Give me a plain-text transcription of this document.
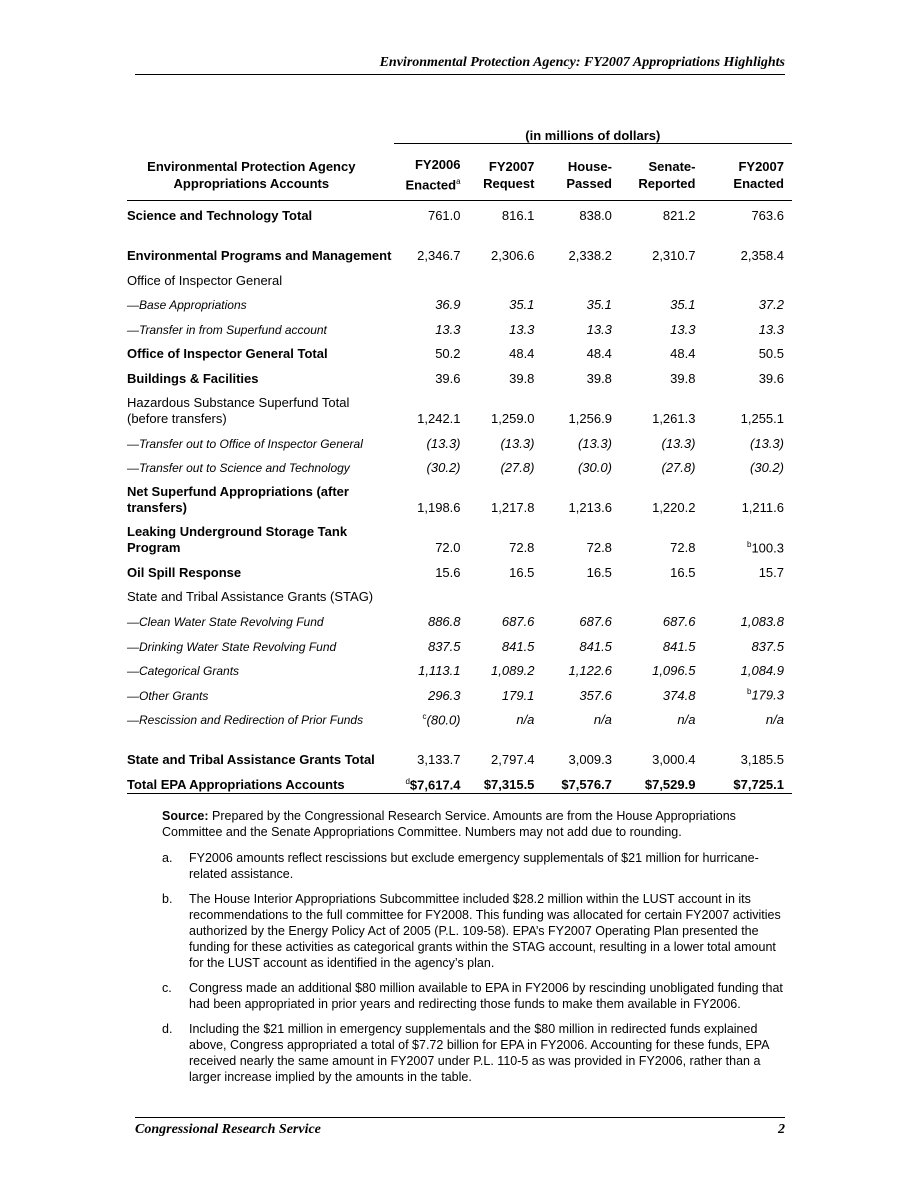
Environmental Protection Agency: FY2007 Appropriations Highlights

	(in millions of dollars)				

Environmental Protection Agency Appropriations Accounts	FY2006 Enacted$^a$	FY2007 Request	House-Passed	Senate-Reported	FY2007 Enacted
Science and Technology Total	761.0	816.1	838.0	821.2	763.6
Environmental Programs and Management	2,346.7	2,306.6	2,338.2	2,310.7	2,358.4
Office of Inspector General					
—Base Appropriations	36.9	35.1	35.1	35.1	37.2
—Transfer in from Superfund account	13.3	13.3	13.3	13.3	13.3
Office of Inspector General Total	50.2	48.4	48.4	48.4	50.5
Buildings & Facilities	39.6	39.8	39.8	39.8	39.6
Hazardous Substance Superfund Total (before transfers)	1,242.1	1,259.0	1,256.9	1,261.3	1,255.1
—Transfer out to Office of Inspector General	(13.3)	(13.3)	(13.3)	(13.3)	(13.3)
—Transfer out to Science and Technology	(30.2)	(27.8)	(30.0)	(27.8)	(30.2)
Net Superfund Appropriations (after transfers)	1,198.6	1,217.8	1,213.6	1,220.2	1,211.6
Leaking Underground Storage Tank Program	72.0	72.8	72.8	72.8	$^b$100.3
Oil Spill Response	15.6	16.5	16.5	16.5	15.7
State and Tribal Assistance Grants (STAG)					
—Clean Water State Revolving Fund	886.8	687.6	687.6	687.6	1,083.8
—Drinking Water State Revolving Fund	837.5	841.5	841.5	841.5	837.5
—Categorical Grants	1,113.1	1,089.2	1,122.6	1,096.5	1,084.9
—Other Grants	296.3	179.1	357.6	374.8	$^b$179.3
—Rescission and Redirection of Prior Funds	$^c$(80.0)	n/a	n/a	n/a	n/a
State and Tribal Assistance Grants Total	3,133.7	2,797.4	3,009.3	3,000.4	3,185.5
Total EPA Appropriations Accounts	$^d$\$7,617.4	$7,315.5	$7,576.7	$7,529.9	$7,725.1

Source: Prepared by the Congressional Research Service. Amounts are from the House Appropriations Committee and the Senate Appropriations Committee. Numbers may not add due to rounding.

a. FY2006 amounts reflect rescissions but exclude emergency supplementals of $21 million for hurricane-related assistance.
b. The House Interior Appropriations Subcommittee included $28.2 million within the LUST account in its recommendations to the full committee for FY2008. This funding was allocated for certain FY2007 activities authorized by the Energy Policy Act of 2005 (P.L. 109-58). EPA’s FY2007 Operating Plan presented the funding for these activities as categorical grants within the STAG account, resulting in a lower total amount for the LUST account as identified in the agency’s plan.
c. Congress made an additional $80 million available to EPA in FY2006 by rescinding unobligated funding that had been appropriated in prior years and redirecting those funds to make them available in FY2006.
d. Including the $21 million in emergency supplementals and the $80 million in redirected funds explained above, Congress appropriated a total of $7.72 billion for EPA in FY2006. Accounting for these funds, EPA received nearly the same amount in FY2007 under P.L. 110-5 as was provided in FY2006, rather than a larger increase implied by the amounts in the table.
Congressional Research Service	2
